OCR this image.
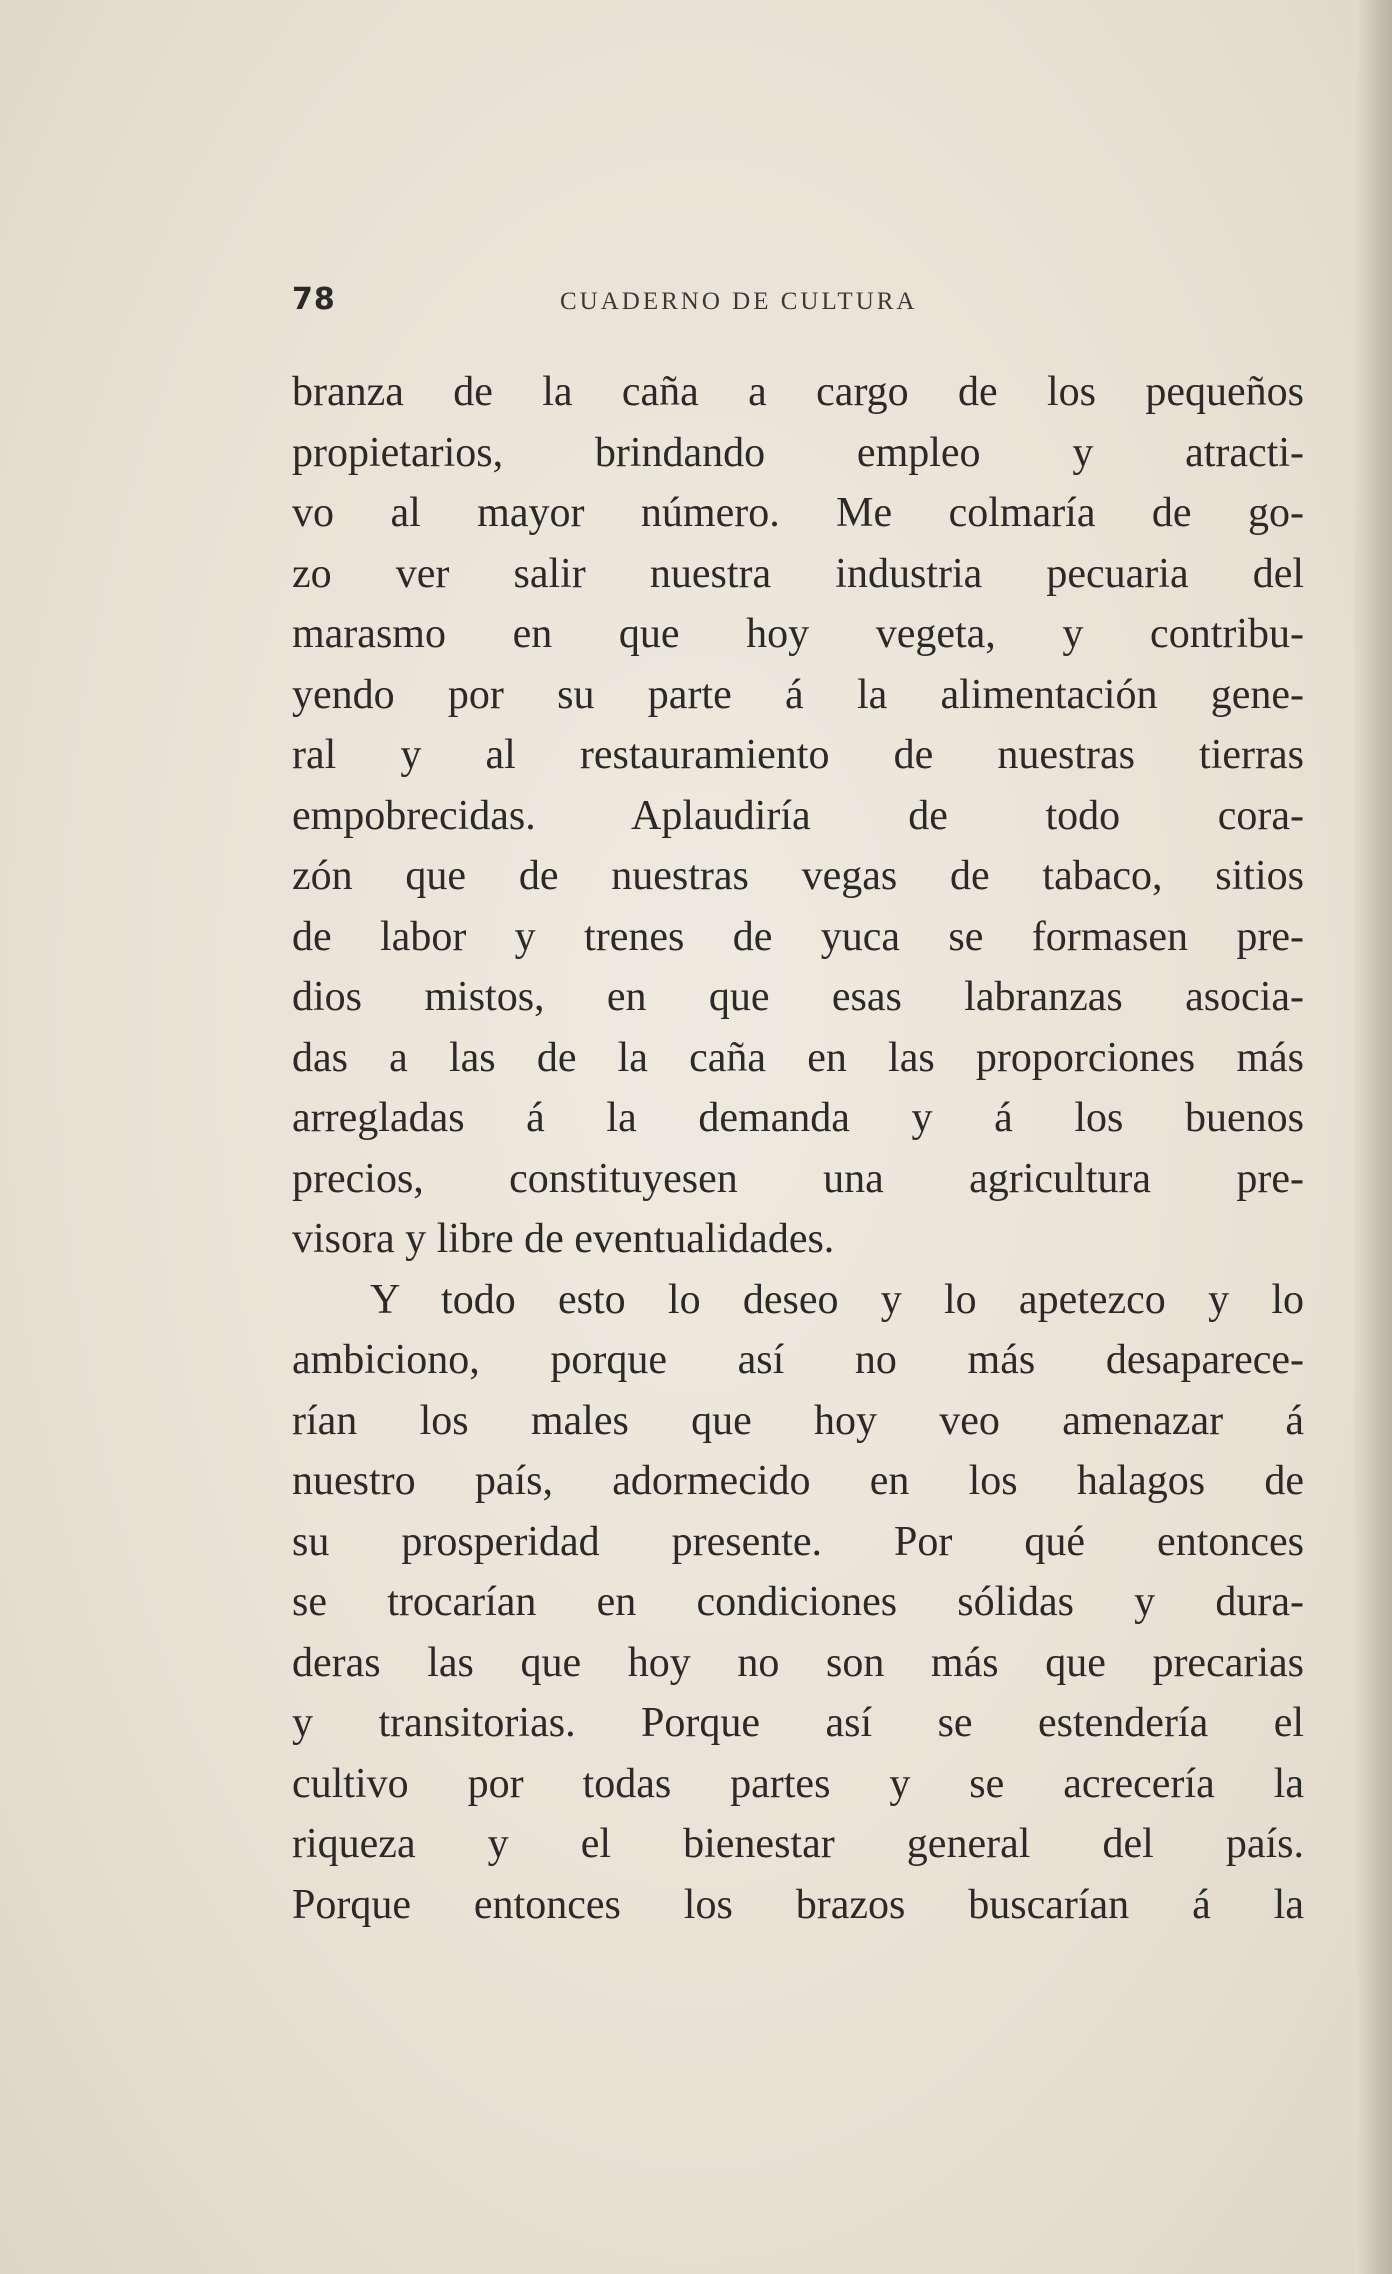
78	CUADERNO DE CULTURA
branza de la caña a cargo de los pequeños
propietarios, brindando empleo y atracti-
vo al mayor número. Me colmaría de go-
zo ver salir nuestra industria pecuaria del
marasmo en que hoy vegeta, y contribu-
yendo por su parte á la alimentación gene-
ral y al restauramiento de nuestras tierras
empobrecidas. Aplaudiría de todo cora-
zón que de nuestras vegas de tabaco, sitios
de labor y trenes de yuca se formasen pre-
dios mistos, en que esas labranzas asocia-
das a las de la caña en las proporciones más
arregladas á la demanda y á los buenos
precios, constituyesen una agricultura pre-
visora y libre de eventualidades.
Y todo esto lo deseo y lo apetezco y lo
ambiciono, porque así no más desaparece-
rían los males que hoy veo amenazar á
nuestro país, adormecido en los halagos de
su prosperidad presente. Por qué entonces
se trocarían en condiciones sólidas y dura-
deras las que hoy no son más que precarias
y transitorias. Porque así se estendería el
cultivo por todas partes y se acrecería la
riqueza y el bienestar general del país.
Porque entonces los brazos buscarían á la
